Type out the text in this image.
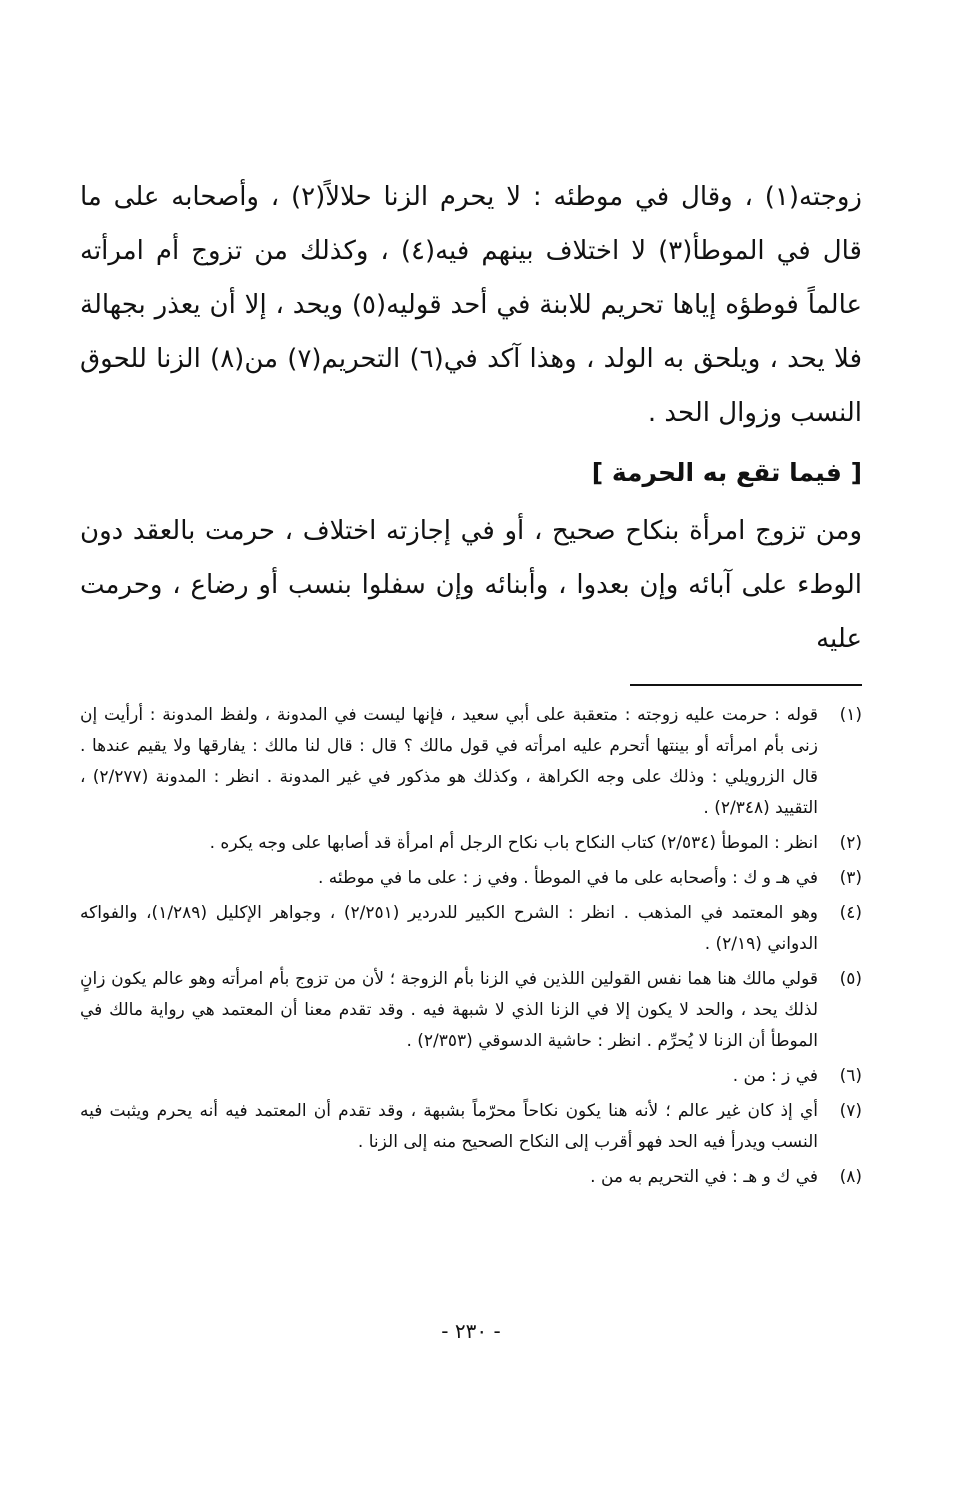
زوجته(١) ، وقال في موطئه : لا يحرم الزنا حلالاً(٢) ، وأصحابه على ما قال في الموطأ(٣) لا اختلاف بينهم فيه(٤) ، وكذلك من تزوج أم امرأته عالماً فوطؤه إياها تحريم للابنة في أحد قوليه(٥) ويحد ، إلا أن يعذر بجهالة فلا يحد ، ويلحق به الولد ، وهذا آكد في(٦) التحريم(٧) من(٨) الزنا للحوق النسب وزوال الحد .

[ فيما تقع به الحرمة ]

ومن تزوج امرأة بنكاح صحيح ، أو في إجازته اختلاف ، حرمت بالعقد دون الوطء على آبائه وإن بعدوا ، وأبنائه وإن سفلوا بنسب أو رضاع ، وحرمت عليه

(١)
قوله : حرمت عليه زوجته : متعقبة على أبي سعيد ، فإنها ليست في المدونة ، ولفظ المدونة : أرأيت إن زنى بأم امرأته أو بينتها أتحرم عليه امرأته في قول مالك ؟ قال : قال لنا مالك : يفارقها ولا يقيم عندها . قال الزرويلي : وذلك على وجه الكراهة ، وكذلك هو مذكور في غير المدونة . انظر : المدونة (٢/٢٧٧) ، التقييد (٢/٣٤٨) .
(٢)
انظر : الموطأ (٢/٥٣٤) كتاب النكاح باب نكاح الرجل أم امرأة قد أصابها على وجه يكره .
(٣)
في هـ و ك : وأصحابه على ما في الموطأ . وفي ز : على ما في موطئه .
(٤)
وهو المعتمد في المذهب . انظر : الشرح الكبير للدردير (٢/٢٥١) ، وجواهر الإكليل (١/٢٨٩)، والفواكه الدواني (٢/١٩) .
(٥)
قولي مالك هنا هما نفس القولين اللذين في الزنا بأم الزوجة ؛ لأن من تزوج بأم امرأته وهو عالم يكون زانٍ لذلك يحد ، والحد لا يكون إلا في الزنا الذي لا شبهة فيه . وقد تقدم معنا أن المعتمد هي رواية مالك في الموطأ أن الزنا لا يُحرِّم . انظر : حاشية الدسوقي (٢/٣٥٣) .
(٦)
في ز : من .
(٧)
أي إذ كان غير عالم ؛ لأنه هنا يكون نكاحاً محرّماً بشبهة ، وقد تقدم أن المعتمد فيه أنه يحرم ويثبت فيه النسب ويدرأ فيه الحد فهو أقرب إلى النكاح الصحيح منه إلى الزنا .
(٨)
في ك و هـ : في التحريم به من .
- ٢٣٠ -
